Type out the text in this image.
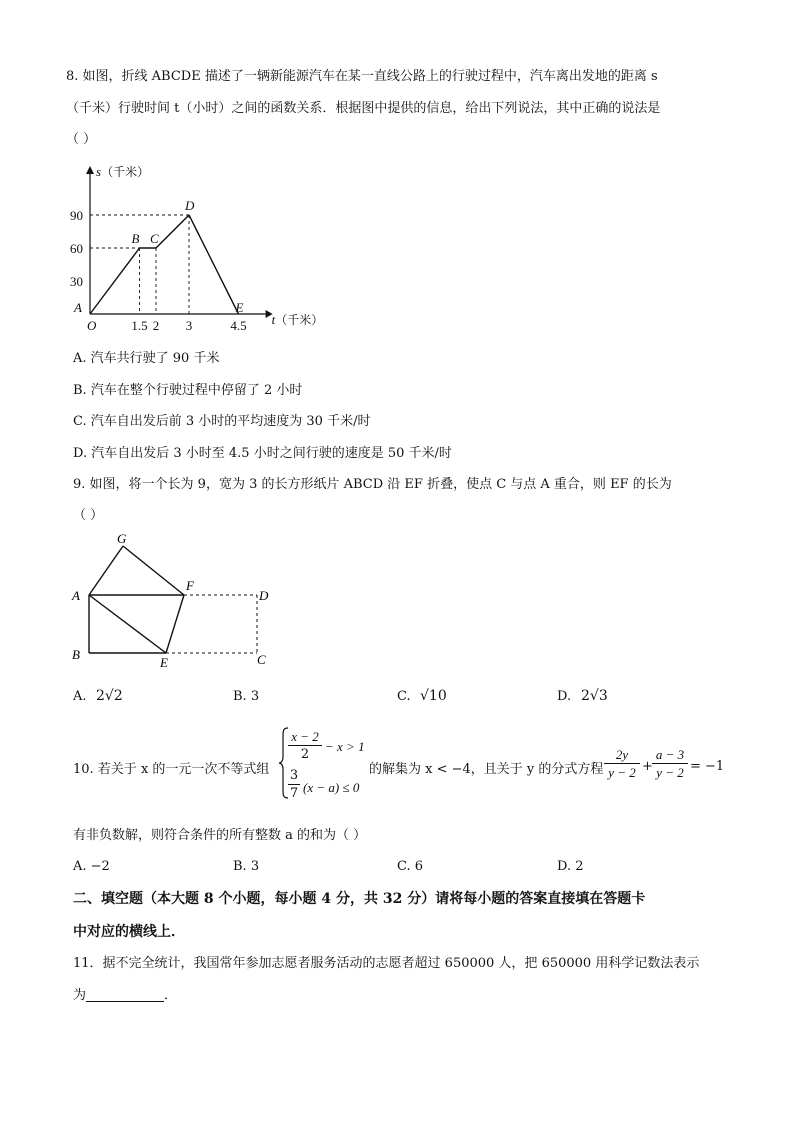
8. 如图，折线 ABCDE 描述了一辆新能源汽车在某一直线公路上的行驶过程中，汽车离出发地的距离 s
（千米）行驶时间 t（小时）之间的函数关系．根据图中提供的信息，给出下列说法，其中正确的说法是
（ ）
t（千米）
s（千米）
30
60
90
1.5 2 3	4.5
O
A
B C
D
E
A. 汽车共行驶了 90 千米
B. 汽车在整个行驶过程中停留了 2 小时
C. 汽车自出发后前 3 小时的平均速度为 30 千米/时
D. 汽车自出发后 3 小时至 4.5 小时之间行驶的速度是 50 千米/时
9. 如图，将一个长为 9，宽为 3 的长方形纸片 ABCD 沿 EF 折叠，使点 C 与点 A 重合，则 EF 的长为
（ ）
G
A
F
D
B
E	C
A. 2√2	B. 3	C. √10	D. 2√3
10. 若关于 x 的一元一次不等式组
x − 2
2
− x > 1
3
7 (x − a) ≤ 0
的解集为 x < −4，且关于 y 的分式方程
2y
y − 2 +
a − 3
y − 2 = −1
有非负数解，则符合条件的所有整数 a 的和为（ ）
A. −2	B. 3	C. 6	D. 2
二、填空题（本大题 8 个小题，每小题 4 分，共 32 分）请将每小题的答案直接填在答题卡
中对应的横线上．
11．据不完全统计，我国常年参加志愿者服务活动的志愿者超过 650000 人，把 650000 用科学记数法表示
为	．
